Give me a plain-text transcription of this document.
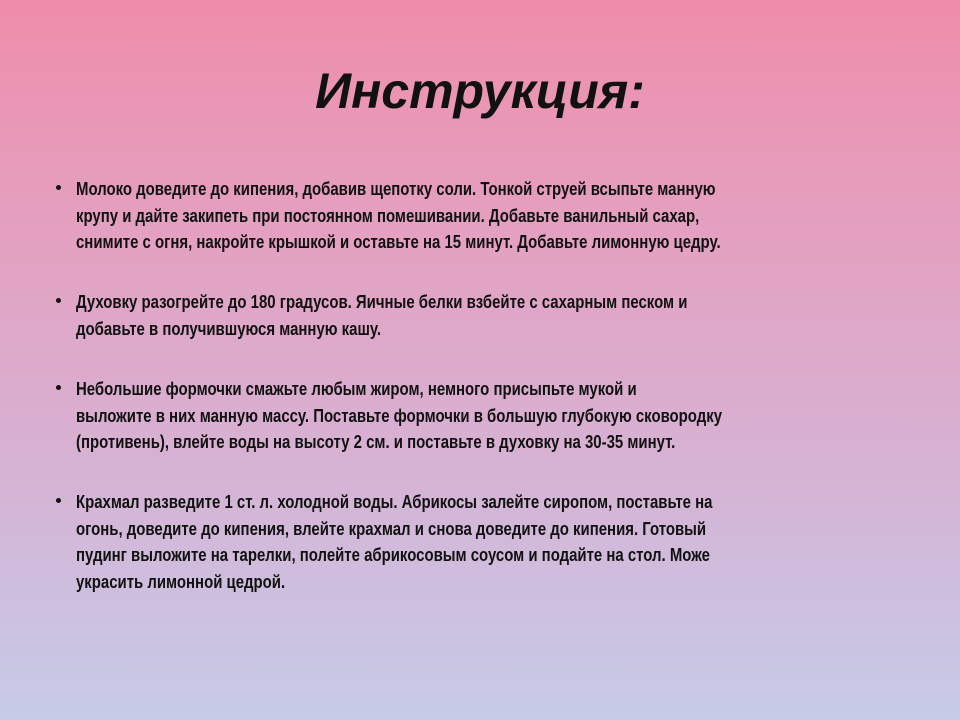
Инструкция:
Молоко доведите до кипения, добавив щепотку соли. Тонкой струей всыпьте манную
крупу и дайте закипеть при постоянном помешивании. Добавьте ванильный сахар,
снимите с огня, накройте крышкой и оставьте на 15 минут. Добавьте лимонную цедру.
Духовку разогрейте до 180 градусов. Яичные белки взбейте с сахарным песком и
добавьте в получившуюся манную кашу.
Небольшие формочки смажьте любым жиром, немного присыпьте мукой и
выложите в них манную массу. Поставьте формочки в большую глубокую сковородку
(противень), влейте воды на высоту 2 см. и поставьте в духовку на 30-35 минут.
Крахмал разведите 1 ст. л. холодной воды. Абрикосы залейте сиропом, поставьте на
огонь, доведите до кипения, влейте крахмал и снова доведите до кипения. Готовый
пудинг выложите на тарелки, полейте абрикосовым соусом и подайте на стол. Може
украсить лимонной цедрой.
